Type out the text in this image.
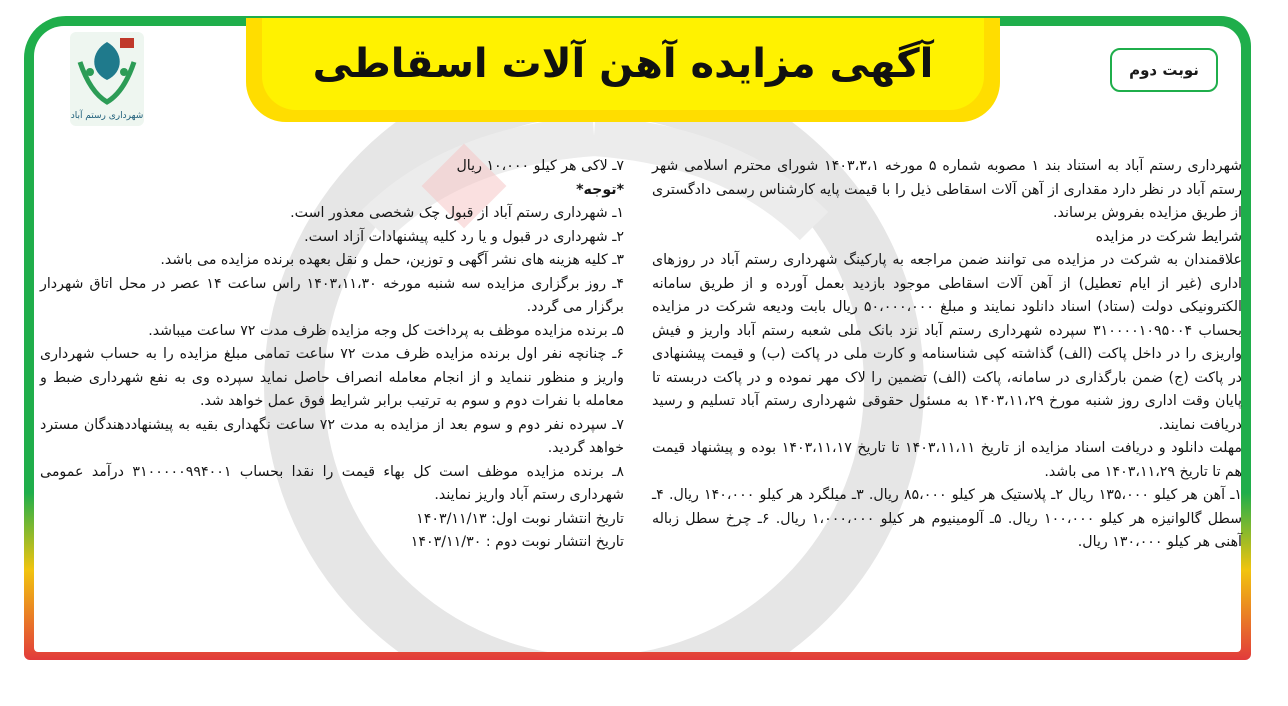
آگهی مزایده آهن آلات اسقاطی
شهرداری رستم آباد
نوبت دوم

شهرداری رستم آباد به استناد بند ۱ مصوبه شماره ۵ مورخه ۱۴۰۳،۳،۱ شورای محترم اسلامی شهر رستم آباد در نظر دارد مقداری از آهن آلات اسقاطی ذیل را با قیمت پایه کارشناس رسمی دادگستری از طریق مزایده بفروش برساند.

شرایط شرکت در مزایده

علاقمندان به شرکت در مزایده می توانند ضمن مراجعه به پارکینگ شهرداری رستم آباد در روزهای اداری (غیر از ایام تعطیل) از آهن آلات اسقاطی موجود بازدید بعمل آورده و از طریق سامانه الکترونیکی دولت (ستاد) اسناد دانلود نمایند و مبلغ ۵۰،۰۰۰،۰۰۰ ریال بابت ودیعه شرکت در مزایده بحساب ۳۱۰۰۰۰۱۰۹۵۰۰۴ سپرده شهرداری رستم آباد نزد بانک ملی شعبه رستم آباد واریز و فیش واریزی را در داخل پاکت (الف) گذاشته کپی شناسنامه و کارت ملی در پاکت (ب) و قیمت پیشنهادی در پاکت (ج) ضمن بارگذاری در سامانه، پاکت (الف) تضمین را لاک مهر نموده و در پاکت دربسته تا پایان وقت اداری روز شنبه مورخ ۱۴۰۳،۱۱،۲۹ به مسئول حقوقی شهرداری رستم آباد تسلیم و رسید دریافت نمایند.

مهلت دانلود و دریافت اسناد مزایده از تاریخ ۱۴۰۳،۱۱،۱۱ تا تاریخ ۱۴۰۳،۱۱،۱۷ بوده و پیشنهاد قیمت هم تا تاریخ ۱۴۰۳،۱۱،۲۹ می باشد.

۱ـ آهن هر کیلو ۱۳۵،۰۰۰ ریال ۲ـ پلاستیک هر کیلو ۸۵،۰۰۰ ریال. ۳ـ میلگرد هر کیلو ۱۴۰،۰۰۰ ریال. ۴ـ سطل گالوانیزه هر کیلو ۱۰۰،۰۰۰ ریال. ۵ـ آلومینیوم هر کیلو ۱،۰۰۰،۰۰۰ ریال. ۶ـ چرخ سطل زباله آهنی هر کیلو ۱۳۰،۰۰۰ ریال.

۷ـ لاکی هر کیلو ۱۰،۰۰۰ ریال

*توجه*

۱ـ شهرداری رستم آباد از قبول چک شخصی معذور است.

۲ـ شهرداری در قبول و یا رد کلیه پیشنهادات آزاد است.

۳ـ کلیه هزینه های نشر آگهی و توزین، حمل و نقل بعهده برنده مزایده می باشد.

۴ـ روز برگزاری مزایده سه شنبه مورخه ۱۴۰۳،۱۱،۳۰ راس ساعت ۱۴ عصر در محل اتاق شهردار برگزار می گردد.

۵ـ برنده مزایده موظف به پرداخت کل وجه مزایده ظرف مدت ۷۲ ساعت میباشد.

۶ـ چنانچه نفر اول برنده مزایده ظرف مدت ۷۲ ساعت تمامی مبلغ مزایده را به حساب شهرداری واریز و منظور ننماید و از انجام معامله انصراف حاصل نماید سپرده وی به نفع شهرداری ضبط و معامله با نفرات دوم و سوم به ترتیب برابر شرایط فوق عمل خواهد شد.

۷ـ سپرده نفر دوم و سوم بعد از مزایده به مدت ۷۲ ساعت نگهداری بقیه به پیشنهاددهندگان مسترد خواهد گردید.

۸ـ برنده مزایده موظف است کل بهاء قیمت را نقدا بحساب ۳۱۰۰۰۰۰۹۹۴۰۰۱ درآمد عمومی شهرداری رستم آباد واریز نمایند.

تاریخ انتشار نوبت اول: ۱۴۰۳/۱۱/۱۳

تاریخ انتشار نوبت دوم : ۱۴۰۳/۱۱/۳۰
